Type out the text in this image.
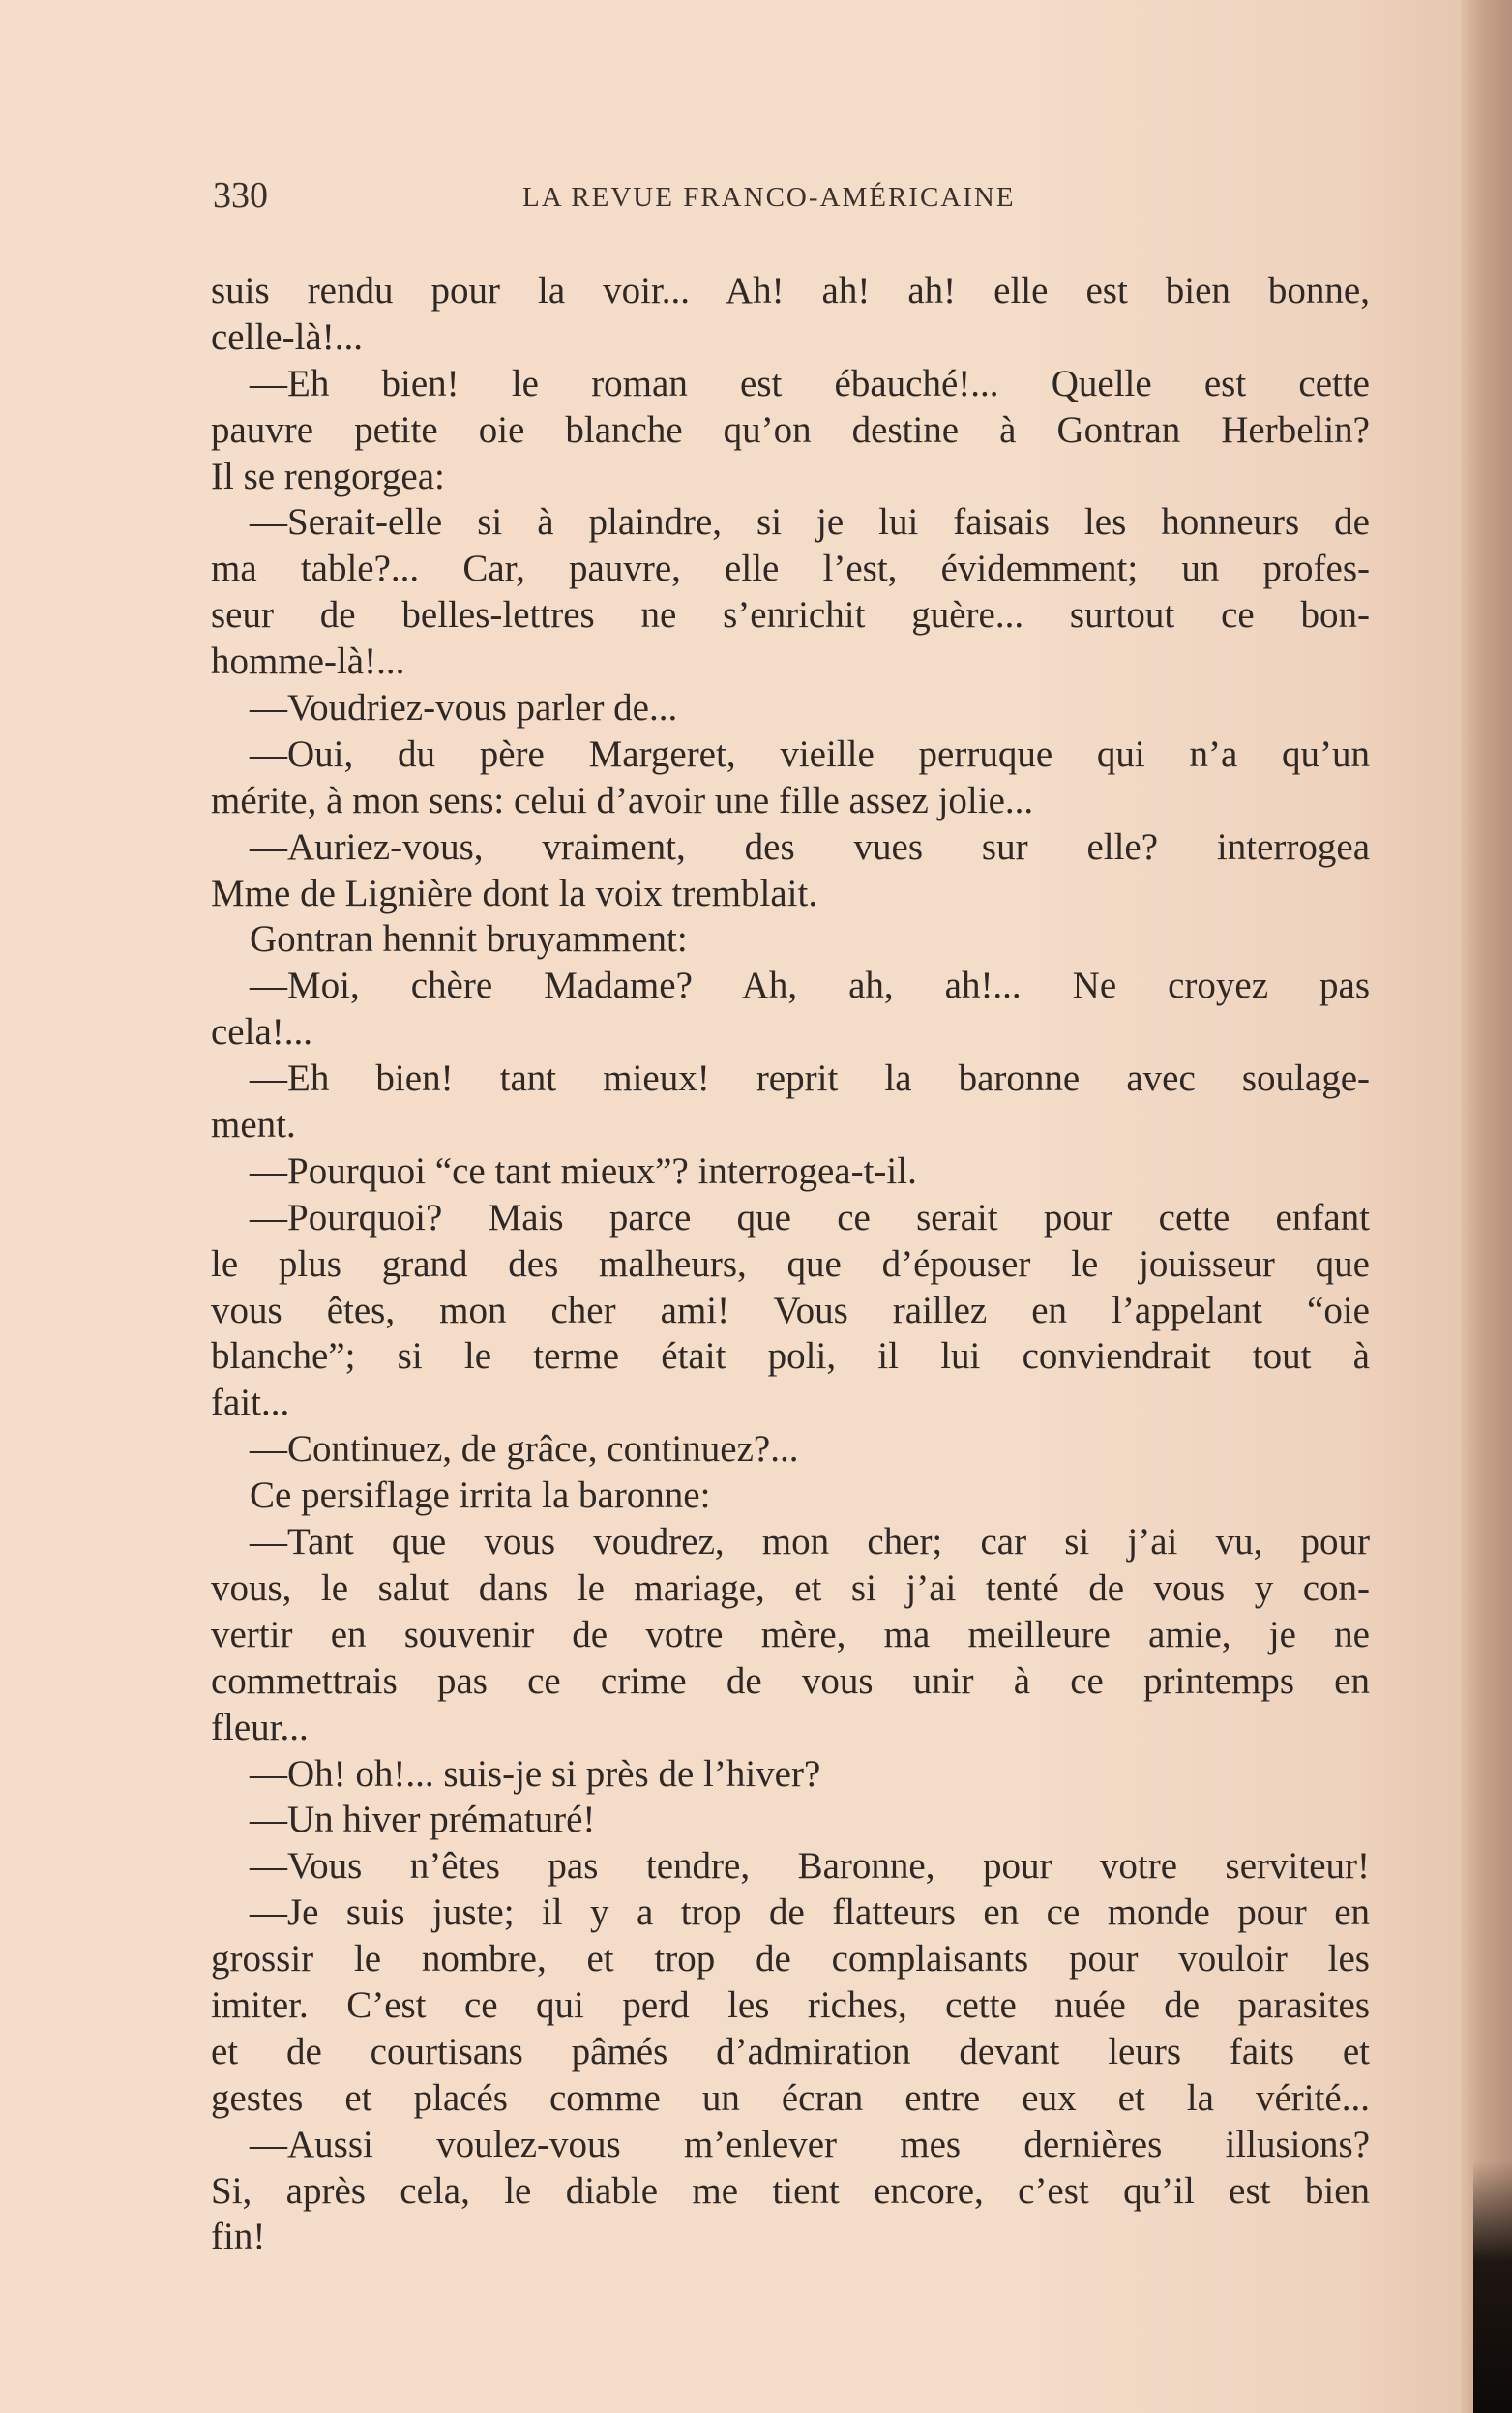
330	LA REVUE FRANCO-AMÉRICAINE
suis rendu pour la voir... Ah! ah! ah! elle est bien bonne,
celle-là!...
—Eh bien! le roman est ébauché!... Quelle est cette
pauvre petite oie blanche qu’on destine à Gontran Herbelin?
Il se rengorgea:
—Serait-elle si à plaindre, si je lui faisais les honneurs de
ma table?... Car, pauvre, elle l’est, évidemment; un profes-
seur de belles-lettres ne s’enrichit guère... surtout ce bon-
homme-là!...
—Voudriez-vous parler de...
—Oui, du père Margeret, vieille perruque qui n’a qu’un
mérite, à mon sens: celui d’avoir une fille assez jolie...
—Auriez-vous, vraiment, des vues sur elle? interrogea
Mme de Lignière dont la voix tremblait.
Gontran hennit bruyamment:
—Moi, chère Madame? Ah, ah, ah!... Ne croyez pas
cela!...
—Eh bien! tant mieux! reprit la baronne avec soulage-
ment.
—Pourquoi “ce tant mieux”? interrogea-t-il.
—Pourquoi? Mais parce que ce serait pour cette enfant
le plus grand des malheurs, que d’épouser le jouisseur que
vous êtes, mon cher ami! Vous raillez en l’appelant “oie
blanche”; si le terme était poli, il lui conviendrait tout à
fait...
—Continuez, de grâce, continuez?...
Ce persiflage irrita la baronne:
—Tant que vous voudrez, mon cher; car si j’ai vu, pour
vous, le salut dans le mariage, et si j’ai tenté de vous y con-
vertir en souvenir de votre mère, ma meilleure amie, je ne
commettrais pas ce crime de vous unir à ce printemps en
fleur...
—Oh! oh!... suis-je si près de l’hiver?
—Un hiver prématuré!
—Vous n’êtes pas tendre, Baronne, pour votre serviteur!
—Je suis juste; il y a trop de flatteurs en ce monde pour en
grossir le nombre, et trop de complaisants pour vouloir les
imiter. C’est ce qui perd les riches, cette nuée de parasites
et de courtisans pâmés d’admiration devant leurs faits et
gestes et placés comme un écran entre eux et la vérité...
—Aussi voulez-vous m’enlever mes dernières illusions?
Si, après cela, le diable me tient encore, c’est qu’il est bien
fin!
